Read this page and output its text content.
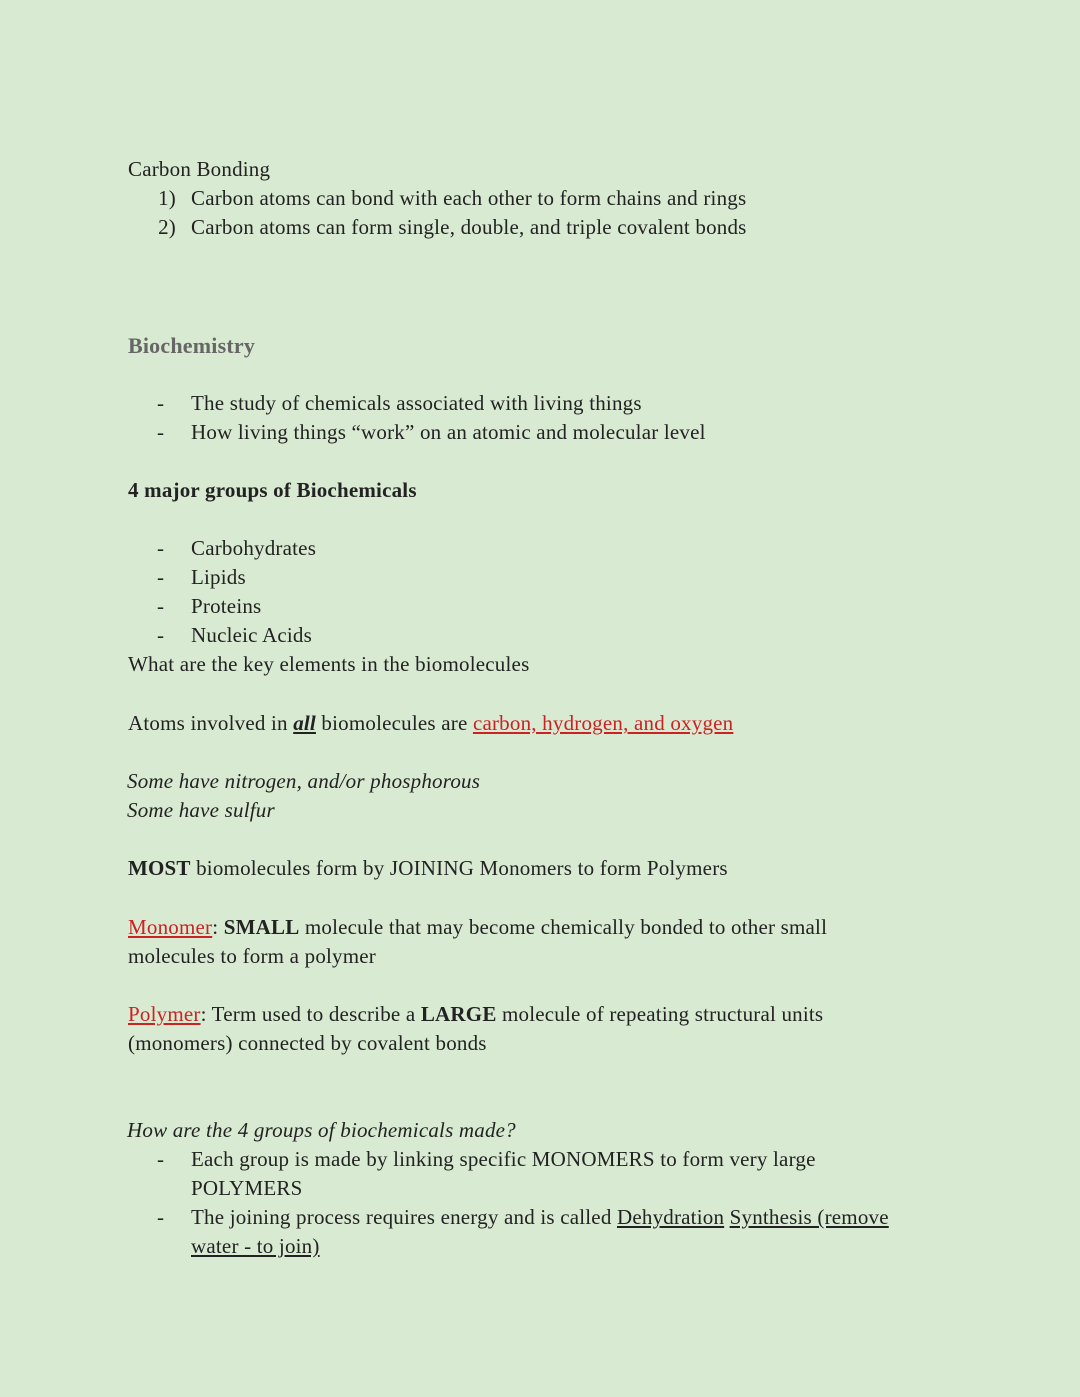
Carbon Bonding
1) Carbon atoms can bond with each other to form chains and rings
2) Carbon atoms can form single, double, and triple covalent bonds
Biochemistry
- The study of chemicals associated with living things
- How living things “work” on an atomic and molecular level
4 major groups of Biochemicals
- Carbohydrates
- Lipids
- Proteins
- Nucleic Acids
What are the key elements in the biomolecules
Atoms involved in all biomolecules are carbon, hydrogen, and oxygen
Some have nitrogen, and/or phosphorous
Some have sulfur
MOST biomolecules form by JOINING Monomers to form Polymers
Monomer: SMALL molecule that may become chemically bonded to other small
molecules to form a polymer
Polymer: Term used to describe a LARGE molecule of repeating structural units
(monomers) connected by covalent bonds
How are the 4 groups of biochemicals made?
- Each group is made by linking specific MONOMERS to form very large
POLYMERS
- The joining process requires energy and is called Dehydration Synthesis (remove
water - to join)
